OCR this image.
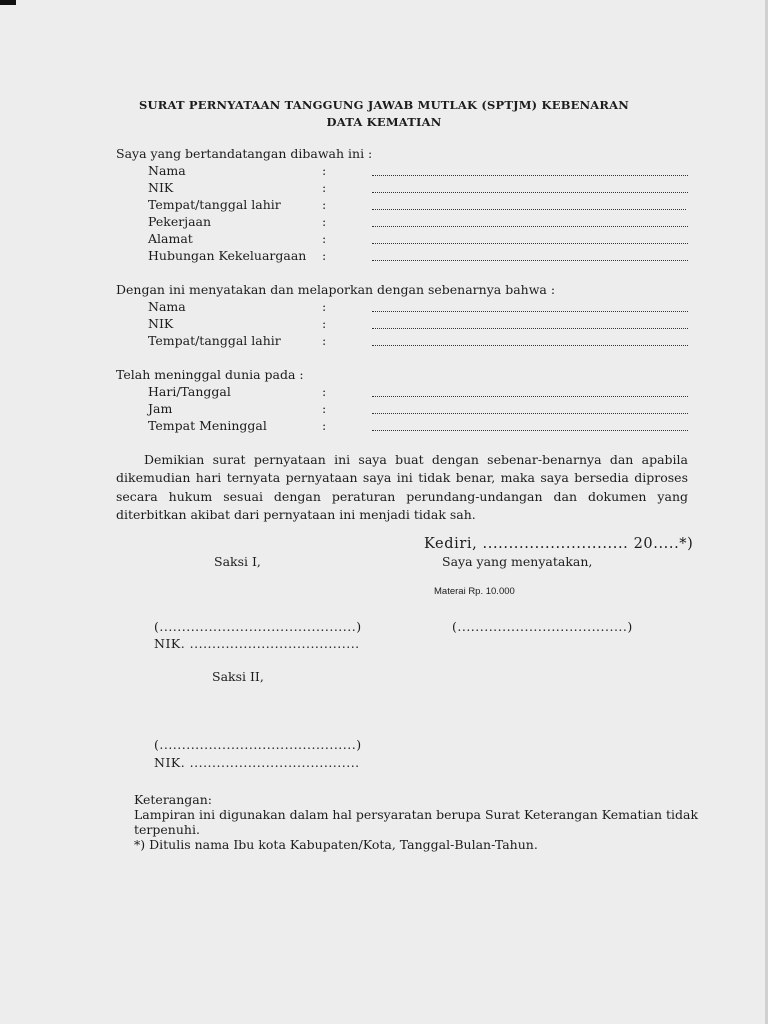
SURAT PERNYATAAN TANGGUNG JAWAB MUTLAK (SPTJM) KEBENARAN
DATA KEMATIAN
Saya yang bertandatangan dibawah ini :
Nama	:
NIK	:
Tempat/tanggal lahir	:
Pekerjaan	:
Alamat	:
Hubungan Kekeluargaan :
Dengan ini menyatakan dan melaporkan dengan sebenarnya bahwa :
Nama	:
NIK	:
Tempat/tanggal lahir	:
Telah meninggal dunia pada :
Hari/Tanggal	:
Jam	:
Tempat Meninggal	:

Demikian surat pernyataan ini saya buat dengan sebenar-benarnya dan apabila dikemudian hari ternyata pernyataan saya ini tidak benar, maka saya bersedia diproses secara hukum sesuai dengan peraturan perundang-undangan dan dokumen yang diterbitkan akibat dari pernyataan ini menjadi tidak sah.

Kediri, ............................ 20.....*)
Saksi I,	Saya yang menyatakan,
Materai Rp. 10.000
(............................................)
NIK. ......................................
(......................................)
Saksi II,
(............................................)
NIK. ......................................
Keterangan:
Lampiran ini digunakan dalam hal persyaratan berupa Surat Keterangan Kematian tidak
terpenuhi.
*) Ditulis nama Ibu kota Kabupaten/Kota, Tanggal-Bulan-Tahun.
